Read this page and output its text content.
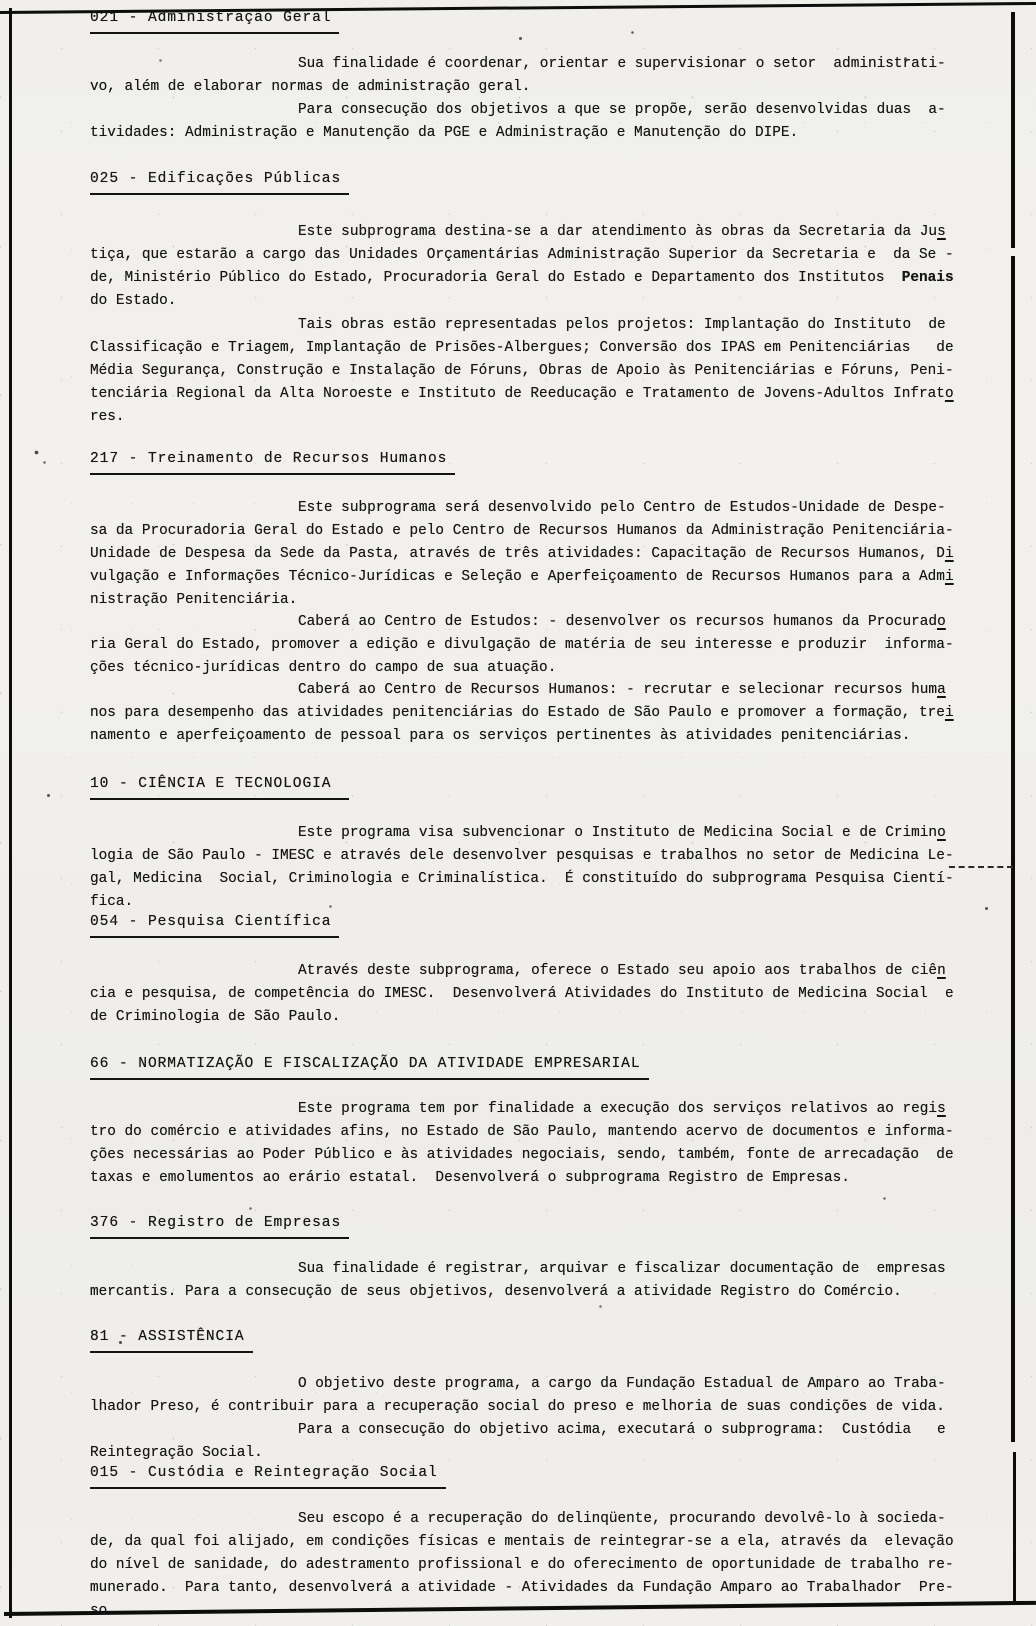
021 - Administração Geral
Sua finalidade é coordenar, orientar e supervisionar o setor  administrati-
vo, além de elaborar normas de administração geral.
Para consecução dos objetivos a que se propõe, serão desenvolvidas duas  a-
tividades: Administração e Manutenção da PGE e Administração e Manutenção do DIPE.
025 - Edificações Públicas
Este subprograma destina-se a dar atendimento às obras da Secretaria da Jus
tiça, que estarão a cargo das Unidades Orçamentárias Administração Superior da Secretaria e  da Se -
de, Ministério Público do Estado, Procuradoria Geral do Estado e Departamento dos Institutos  Penais
do Estado.
Tais obras estão representadas pelos projetos: Implantação do Instituto  de
Classificação e Triagem, Implantação de Prisões-Albergues; Conversão dos IPAS em Penitenciárias   de
Média Segurança, Construção e Instalação de Fóruns, Obras de Apoio às Penitenciárias e Fóruns, Peni-
tenciária Regional da Alta Noroeste e Instituto de Reeducação e Tratamento de Jovens-Adultos Infrato
res.
217 - Treinamento de Recursos Humanos
Este subprograma será desenvolvido pelo Centro de Estudos-Unidade de Despe-
sa da Procuradoria Geral do Estado e pelo Centro de Recursos Humanos da Administração Penitenciária-
Unidade de Despesa da Sede da Pasta, através de três atividades: Capacitação de Recursos Humanos, Di
vulgação e Informações Técnico-Jurídicas e Seleção e Aperfeiçoamento de Recursos Humanos para a Admi
nistração Penitenciária.
Caberá ao Centro de Estudos: - desenvolver os recursos humanos da Procurado
ria Geral do Estado, promover a edição e divulgação de matéria de seu interesse e produzir  informa-
ções técnico-jurídicas dentro do campo de sua atuação.
Caberá ao Centro de Recursos Humanos: - recrutar e selecionar recursos huma
nos para desempenho das atividades penitenciárias do Estado de São Paulo e promover a formação, trei
namento e aperfeiçoamento de pessoal para os serviços pertinentes às atividades penitenciárias.
10 - CIÊNCIA E TECNOLOGIA
Este programa visa subvencionar o Instituto de Medicina Social e de Crimino
logia de São Paulo - IMESC e através dele desenvolver pesquisas e trabalhos no setor de Medicina Le-
gal, Medicina  Social, Criminologia e Criminalística.  É constituído do subprograma Pesquisa Cientí-
fica.
054 - Pesquisa Científica
Através deste subprograma, oferece o Estado seu apoio aos trabalhos de ciên
cia e pesquisa, de competência do IMESC.  Desenvolverá Atividades do Instituto de Medicina Social  e
de Criminologia de São Paulo.
66 - NORMATIZAÇÃO E FISCALIZAÇÃO DA ATIVIDADE EMPRESARIAL
Este programa tem por finalidade a execução dos serviços relativos ao regis
tro do comércio e atividades afins, no Estado de São Paulo, mantendo acervo de documentos e informa-
ções necessárias ao Poder Público e às atividades negociais, sendo, também, fonte de arrecadação  de
taxas e emolumentos ao erário estatal.  Desenvolverá o subprograma Registro de Empresas.
376 - Registro de Empresas
Sua finalidade é registrar, arquivar e fiscalizar documentação de  empresas
mercantis. Para a consecução de seus objetivos, desenvolverá a atividade Registro do Comércio.
81 - ASSISTÊNCIA
O objetivo deste programa, a cargo da Fundação Estadual de Amparo ao Traba-
lhador Preso, é contribuir para a recuperação social do preso e melhoria de suas condições de vida.
Para a consecução do objetivo acima, executará o subprograma:  Custódia   e
Reintegração Social.
015 - Custódia e Reintegração Social
Seu escopo é a recuperação do delinqüente, procurando devolvê-lo à socieda-
de, da qual foi alijado, em condições físicas e mentais de reintegrar-se a ela, através da  elevação
do nível de sanidade, do adestramento profissional e do oferecimento de oportunidade de trabalho re-
munerado.  Para tanto, desenvolverá a atividade - Atividades da Fundação Amparo ao Trabalhador  Pre-
so.
